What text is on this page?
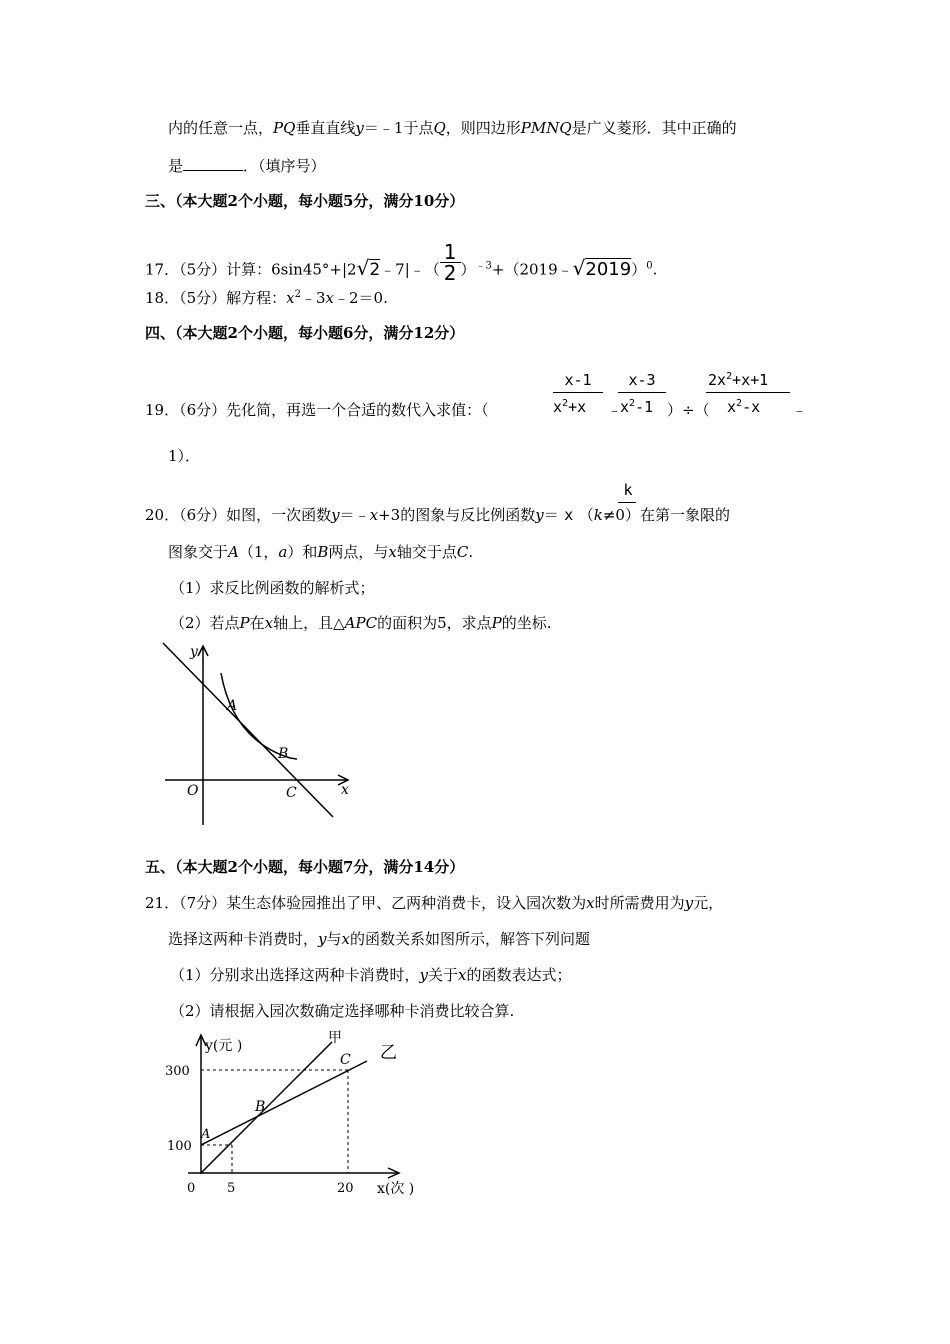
内的任意一点，PQ垂直直线y＝﹣1于点Q，则四边形PMNQ是广义菱形．其中正确的
是	．（填序号）
三、（本大题2个小题，每小题5分，满分10分）
17．（5分）计算：6sin45°+|2√2﹣7|﹣（ $\frac{1}{2}$ ）$^{﹣3}$+（2019﹣√2019）$^0$.
18．（5分）解方程：$x^2﹣3x﹣2=0$.
四、（本大题2个小题，每小题6分，满分12分）
19．（6分）先化简，再选一个合适的数代入求值：（
x-1
$x^2+x$ ﹣
x-3
$x^2-1$ ）÷（
$2x^2+x+1$
$x^2-x$ ﹣
1）．
k
20．（6分）如图，一次函数y＝﹣x+3的图象与反比例函数y＝ x （k≠0）在第一象限的
图象交于A（1，a）和B两点，与x轴交于点C.
（1）求反比例函数的解析式；
（2）若点P在x轴上，且△APC的面积为5，求点P的坐标.
y
x
O
A
B
C
五、（本大题2个小题，每小题7分，满分14分）
21．（7分）某生态体验园推出了甲、乙两种消费卡，设入园次数为x时所需费用为y元，
选择这两种卡消费时，y与x的函数关系如图所示，解答下列问题
（1）分别求出选择这两种卡消费时，y关于x的函数表达式；
（2）请根据入园次数确定选择哪种卡消费比较合算.
y(元 )
x(次 )
甲
乙
300
100
0 5	20
A
B
C
